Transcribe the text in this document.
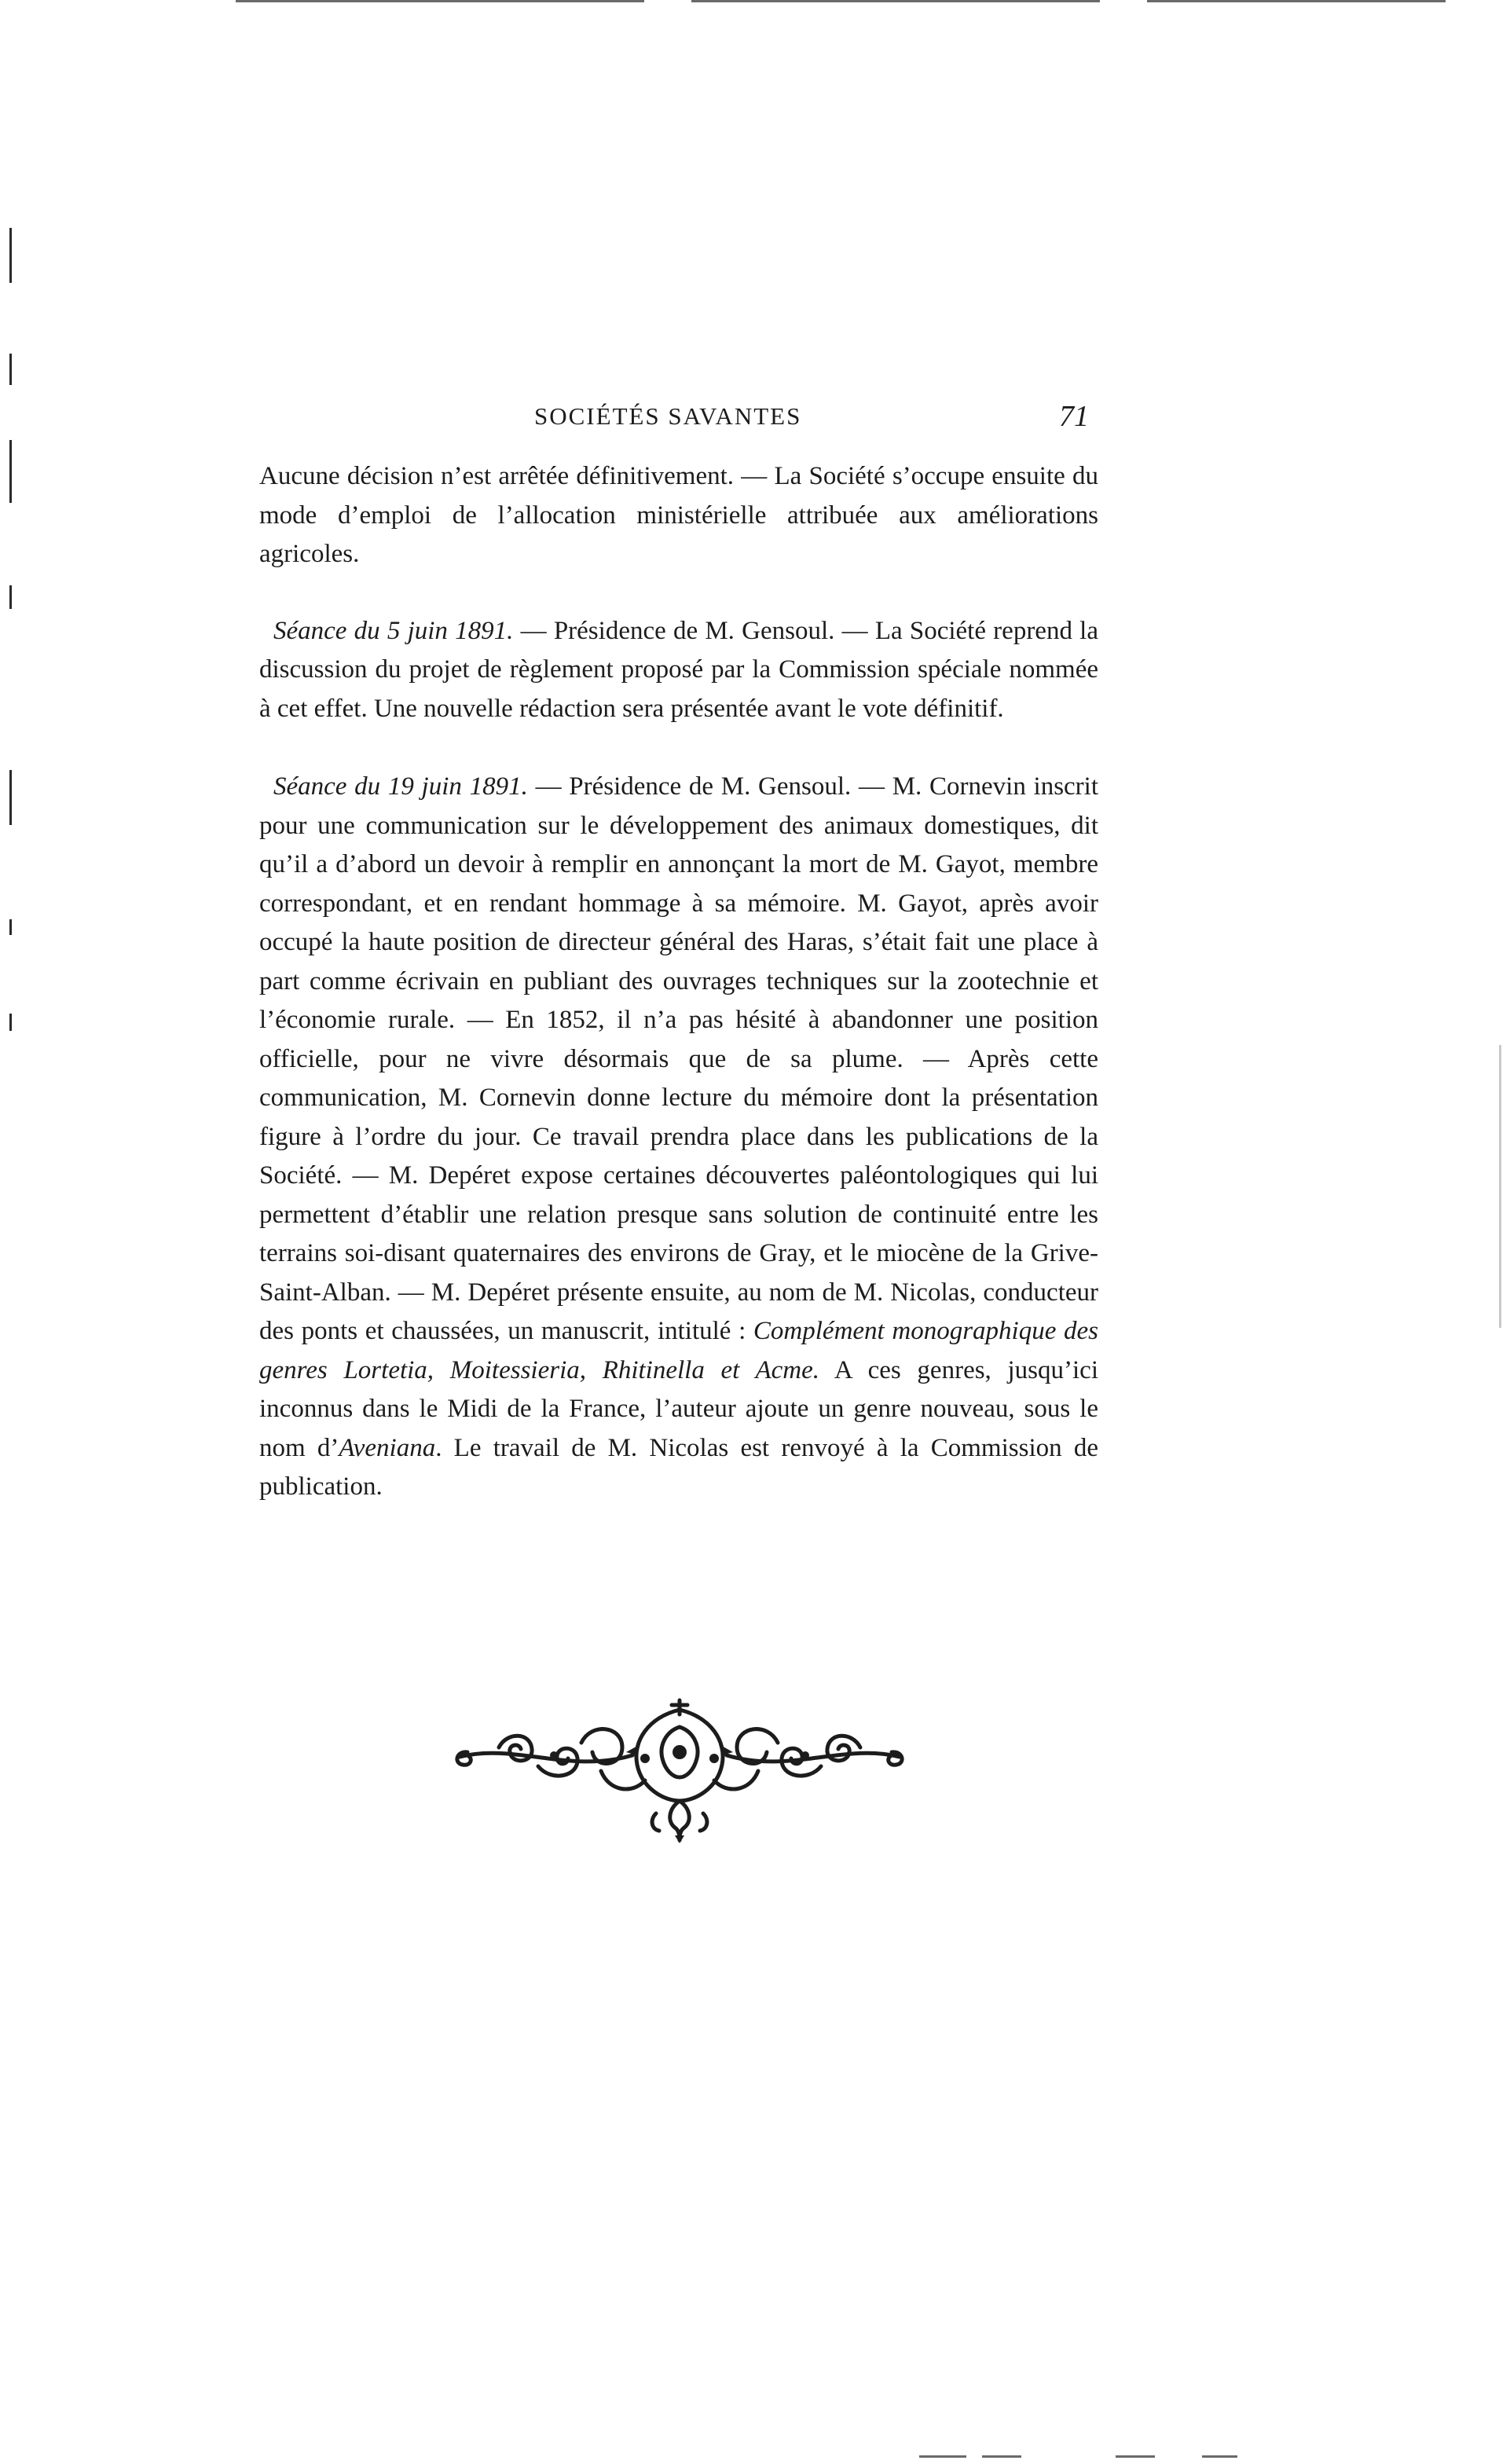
SOCIÉTÉS SAVANTES	71

Aucune décision n’est arrêtée définitivement. — La Société s’occupe ensuite du mode d’emploi de l’allocation ministérielle attribuée aux améliorations agricoles.

Séance du 5 juin 1891. — Présidence de M. Gensoul. — La Société reprend la discussion du projet de règlement proposé par la Commission spéciale nommée à cet effet. Une nouvelle rédaction sera présentée avant le vote définitif.

Séance du 19 juin 1891. — Présidence de M. Gensoul. — M. Cornevin inscrit pour une communication sur le développement des animaux domestiques, dit qu’il a d’abord un devoir à remplir en annonçant la mort de M. Gayot, membre correspondant, et en rendant hommage à sa mémoire. M. Gayot, après avoir occupé la haute position de directeur général des Haras, s’était fait une place à part comme écrivain en publiant des ouvrages techniques sur la zootechnie et l’économie rurale. — En 1852, il n’a pas hésité à abandonner une position officielle, pour ne vivre désormais que de sa plume. — Après cette communication, M. Cornevin donne lecture du mémoire dont la présentation figure à l’ordre du jour. Ce travail prendra place dans les publications de la Société. — M. Depéret expose certaines découvertes paléontologiques qui lui permettent d’établir une relation presque sans solution de continuité entre les terrains soi-disant quaternaires des environs de Gray, et le miocène de la Grive-Saint-Alban. — M. Depéret présente ensuite, au nom de M. Nicolas, conducteur des ponts et chaussées, un manuscrit, intitulé : Complément monographique des genres Lortetia, Moitessieria, Rhitinella et Acme. A ces genres, jusqu’ici inconnus dans le Midi de la France, l’auteur ajoute un genre nouveau, sous le nom d’Aveniana. Le travail de M. Nicolas est renvoyé à la Commission de publication.
